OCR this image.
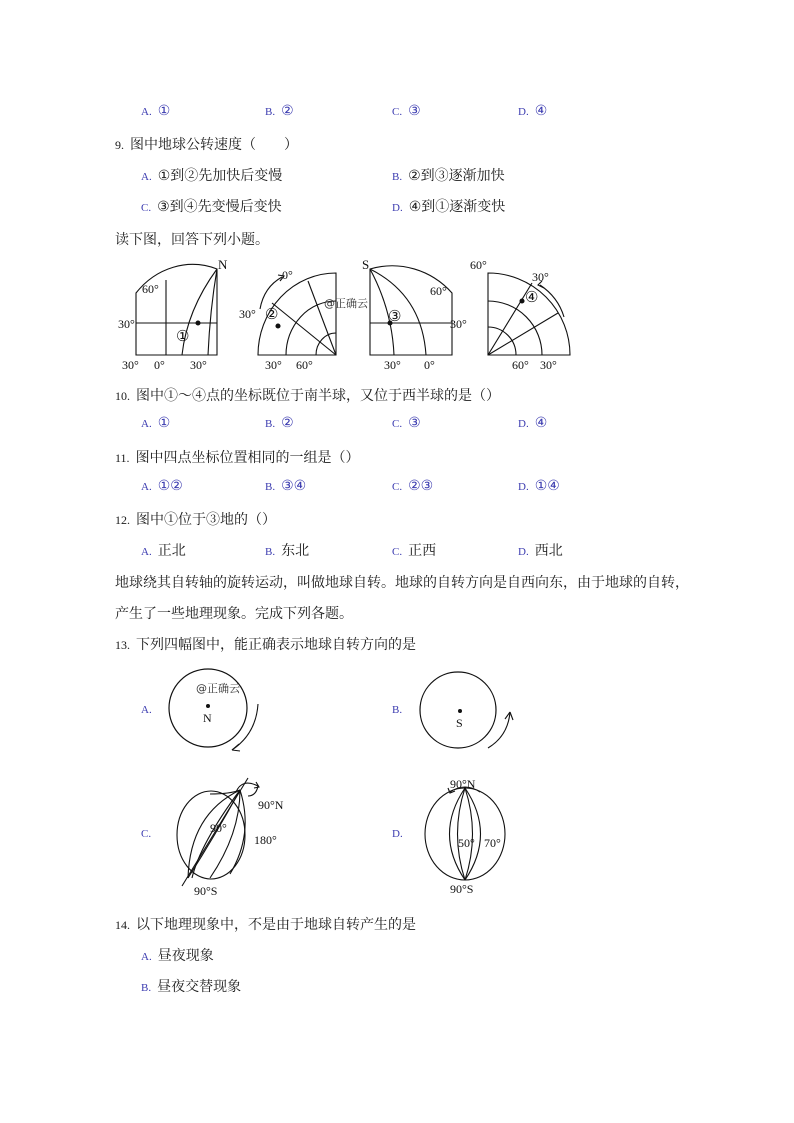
A. ①	B. ②	C. ③	D. ④
9. 图中地球公转速度（　　）
A. ①到②先加快后变慢	B. ②到③逐渐加快
C. ③到④先变慢后变快	D. ④到①逐渐变快
读下图，回答下列小题。
N
60°
30°
30° 0° 30°
①
0°
30°
30° 60°
②
@正确云
S
60°
30°
30° 0°
③
60°
30°
60° 30°
④
10. 图中①～④点的坐标既位于南半球，又位于西半球的是（）
A. ①	B. ②	C. ③	D. ④
11. 图中四点坐标位置相同的一组是（）
A. ①②	B. ③④	C. ②③	D. ①④
12. 图中①位于③地的（）
A. 正北	B. 东北	C. 正西	D. 西北
地球绕其自转轴的旋转运动，叫做地球自转。地球的自转方向是自西向东，由于地球的自转，
产生了一些地理现象。完成下列各题。
13. 下列四幅图中，能正确表示地球自转方向的是
A.
N
@正确云
B.
S
C.
90°N
90°
180°
90°S
D.
90°N
50° 70°
90°S
14. 以下地理现象中，不是由于地球自转产生的是
A. 昼夜现象
B. 昼夜交替现象
